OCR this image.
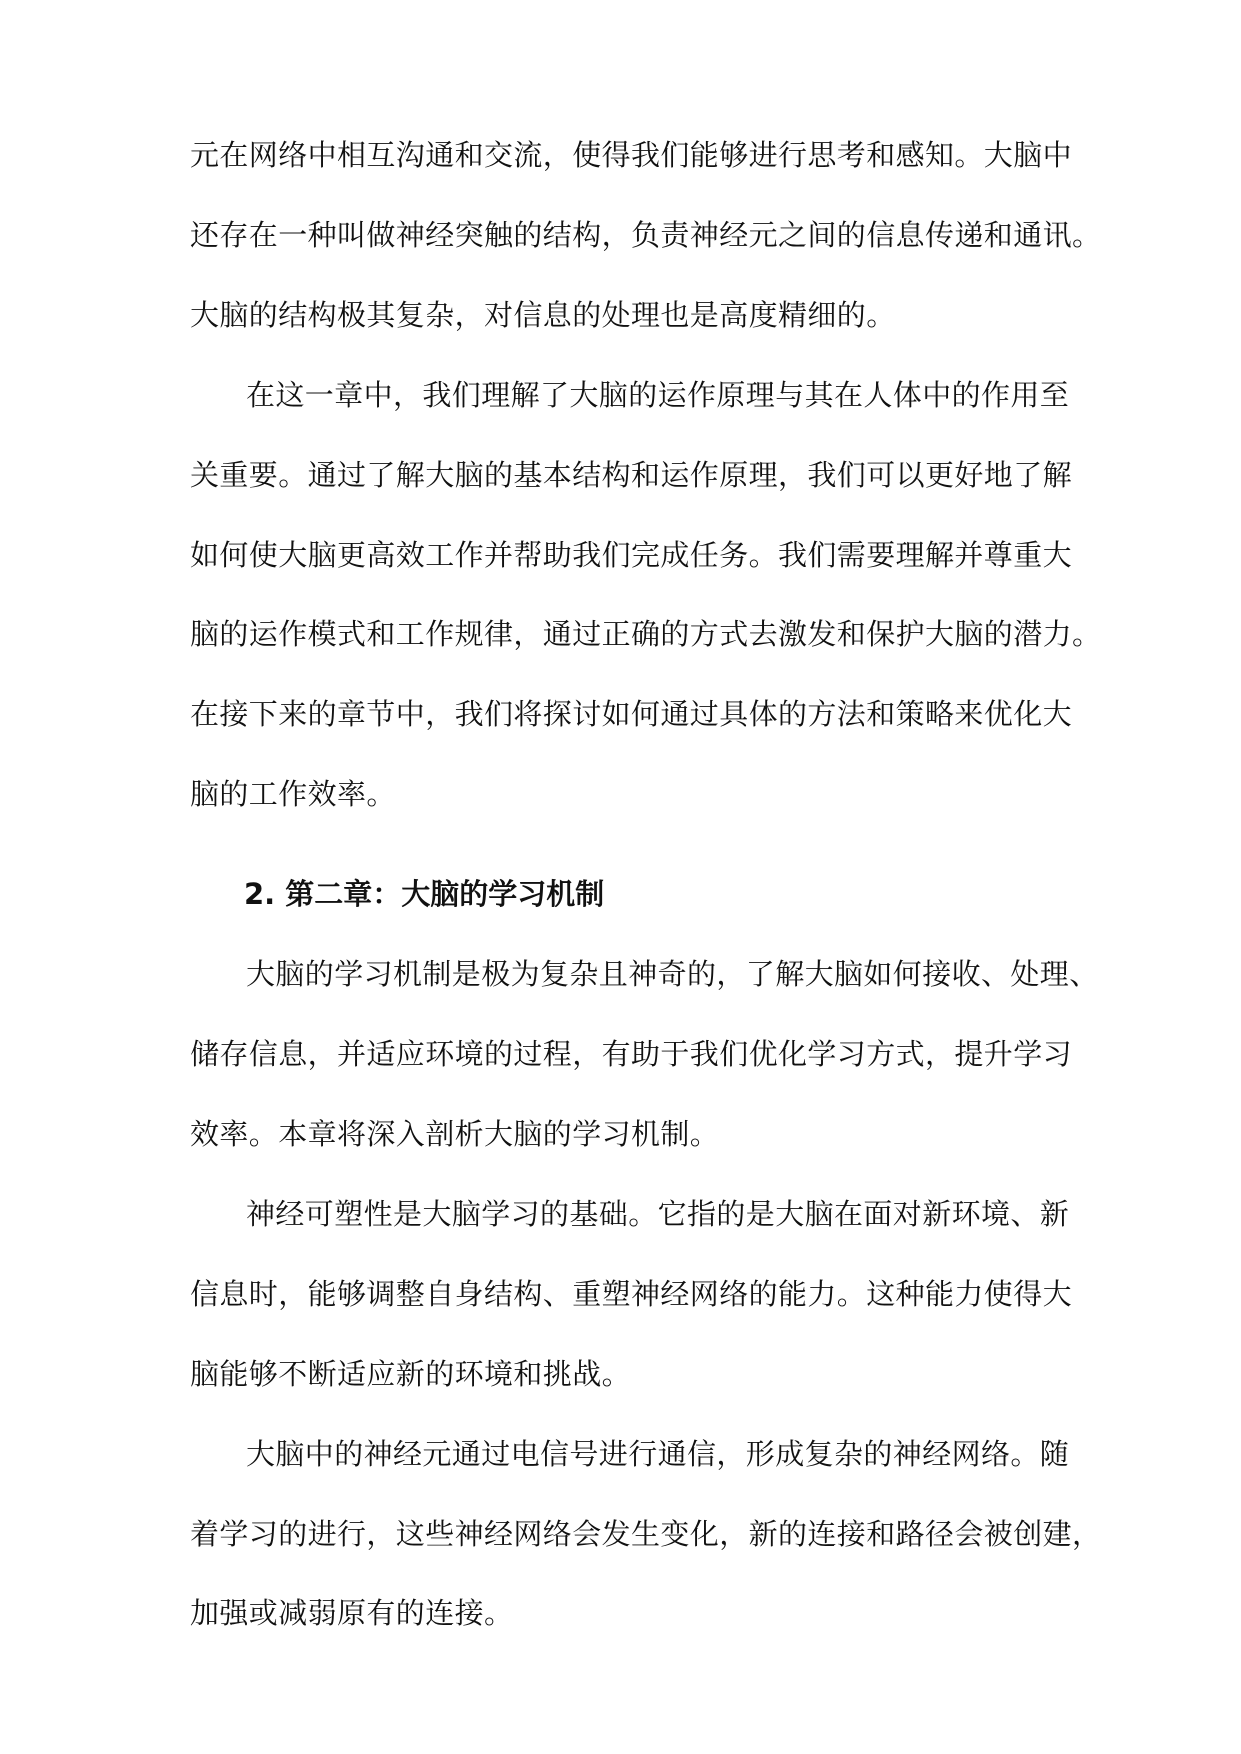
元在网络中相互沟通和交流，使得我们能够进行思考和感知。大脑中

还存在一种叫做神经突触的结构，负责神经元之间的信息传递和通讯。

大脑的结构极其复杂，对信息的处理也是高度精细的。

在这一章中，我们理解了大脑的运作原理与其在人体中的作用至

关重要。通过了解大脑的基本结构和运作原理，我们可以更好地了解

如何使大脑更高效工作并帮助我们完成任务。我们需要理解并尊重大

脑的运作模式和工作规律，通过正确的方式去激发和保护大脑的潜力。

在接下来的章节中，我们将探讨如何通过具体的方法和策略来优化大

脑的工作效率。

2. 第二章：大脑的学习机制

大脑的学习机制是极为复杂且神奇的，了解大脑如何接收、处理、

储存信息，并适应环境的过程，有助于我们优化学习方式，提升学习

效率。本章将深入剖析大脑的学习机制。

神经可塑性是大脑学习的基础。它指的是大脑在面对新环境、新

信息时，能够调整自身结构、重塑神经网络的能力。这种能力使得大

脑能够不断适应新的环境和挑战。

大脑中的神经元通过电信号进行通信，形成复杂的神经网络。随

着学习的进行，这些神经网络会发生变化，新的连接和路径会被创建，

加强或减弱原有的连接。
